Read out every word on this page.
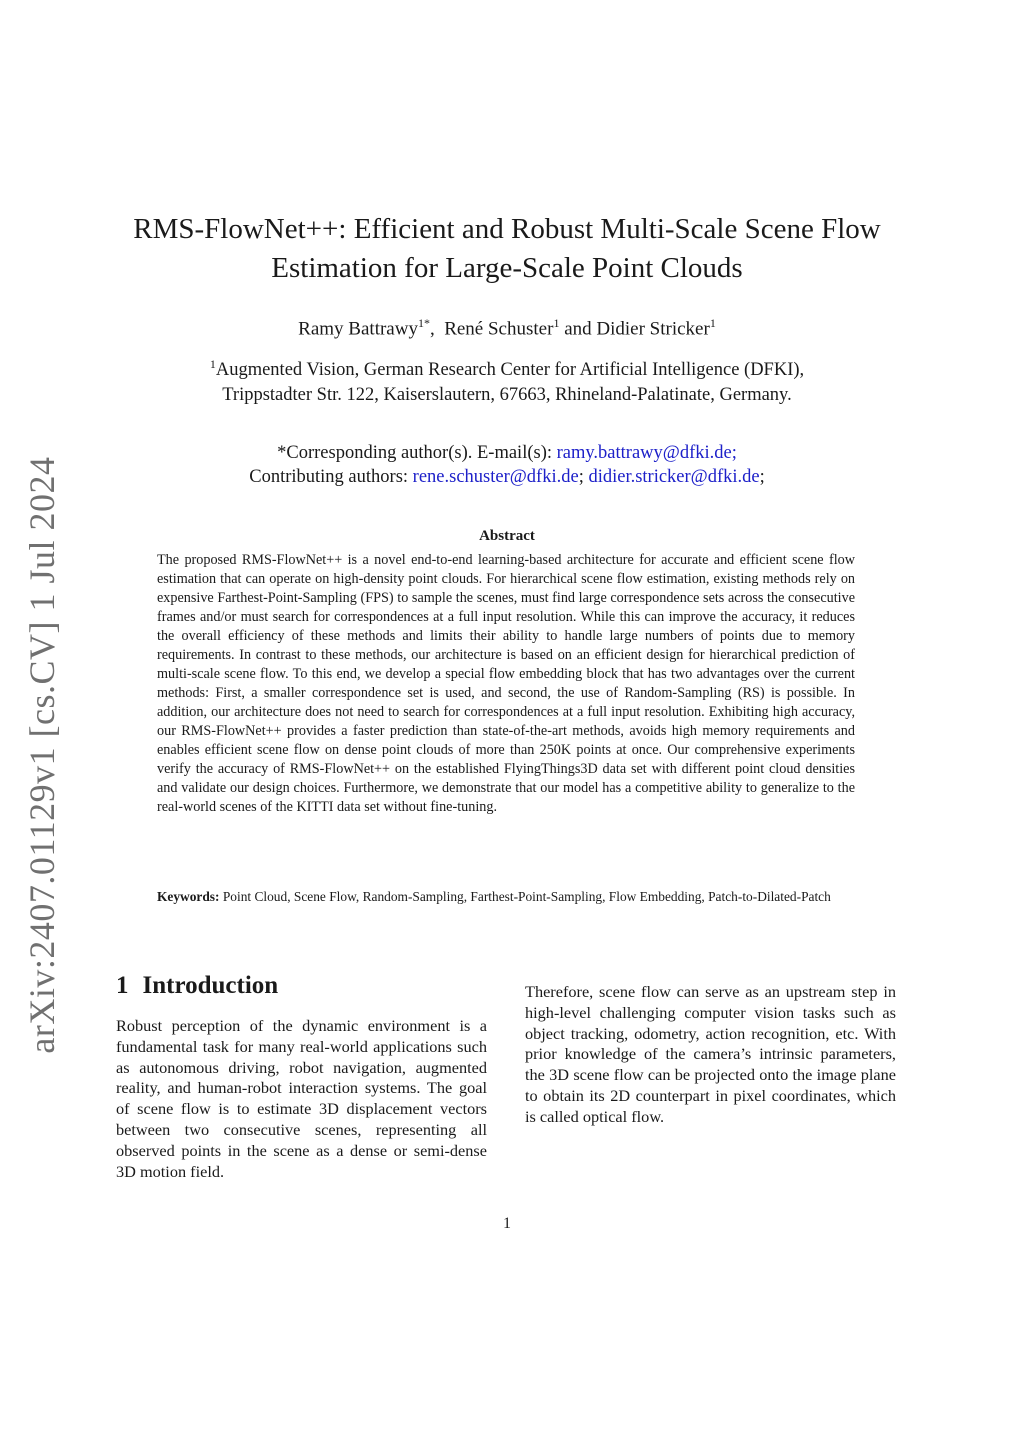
arXiv:2407.01129v1 [cs.CV] 1 Jul 2024
RMS-FlowNet++: Efficient and Robust Multi-Scale Scene Flow Estimation for Large-Scale Point Clouds
Ramy Battrawy$^{1*}$,  René Schuster$^1$ and Didier Stricker$^1$
$^1$Augmented Vision, German Research Center for Artificial Intelligence (DFKI),
Trippstadter Str. 122, Kaiserslautern, 67663, Rhineland-Palatinate, Germany.
*Corresponding author(s). E-mail(s): ramy.battrawy@dfki.de;
Contributing authors: rene.schuster@dfki.de; didier.stricker@dfki.de;
Abstract

The proposed RMS-FlowNet++ is a novel end-to-end learning-based architecture for accurate and efficient scene flow estimation that can operate on high-density point clouds. For hierarchical scene flow estimation, existing methods rely on expensive Farthest-Point-Sampling (FPS) to sample the scenes, must find large correspondence sets across the consecutive frames and/or must search for correspondences at a full input resolution. While this can improve the accuracy, it reduces the overall efficiency of these methods and limits their ability to handle large numbers of points due to memory requirements. In contrast to these methods, our architecture is based on an efficient design for hierarchical prediction of multi-scale scene flow. To this end, we develop a special flow embedding block that has two advantages over the current methods: First, a smaller correspondence set is used, and second, the use of Random-Sampling (RS) is possible. In addition, our architecture does not need to search for correspondences at a full input resolution. Exhibiting high accuracy, our RMS-FlowNet++ provides a faster prediction than state-of-the-art methods, avoids high memory requirements and enables efficient scene flow on dense point clouds of more than 250K points at once. Our comprehensive experiments verify the accuracy of RMS-FlowNet++ on the established FlyingThings3D data set with different point cloud densities and validate our design choices. Furthermore, we demonstrate that our model has a competitive ability to generalize to the real-world scenes of the KITTI data set without fine-tuning.

Keywords: Point Cloud, Scene Flow, Random-Sampling, Farthest-Point-Sampling, Flow Embedding, Patch-to-Dilated-Patch

1 Introduction

Robust perception of the dynamic environment is a fundamental task for many real-world applications such as autonomous driving, robot navigation, augmented reality, and human-robot interaction systems. The goal of scene flow is to estimate 3D displacement vectors between two consecutive scenes, representing all observed points in the scene as a dense or semi-dense 3D motion field.

Therefore, scene flow can serve as an upstream step in high-level challenging computer vision tasks such as object tracking, odometry, action recognition, etc. With prior knowledge of the camera’s intrinsic parameters, the 3D scene flow can be projected onto the image plane to obtain its 2D counterpart in pixel coordinates, which is called optical flow.

1
